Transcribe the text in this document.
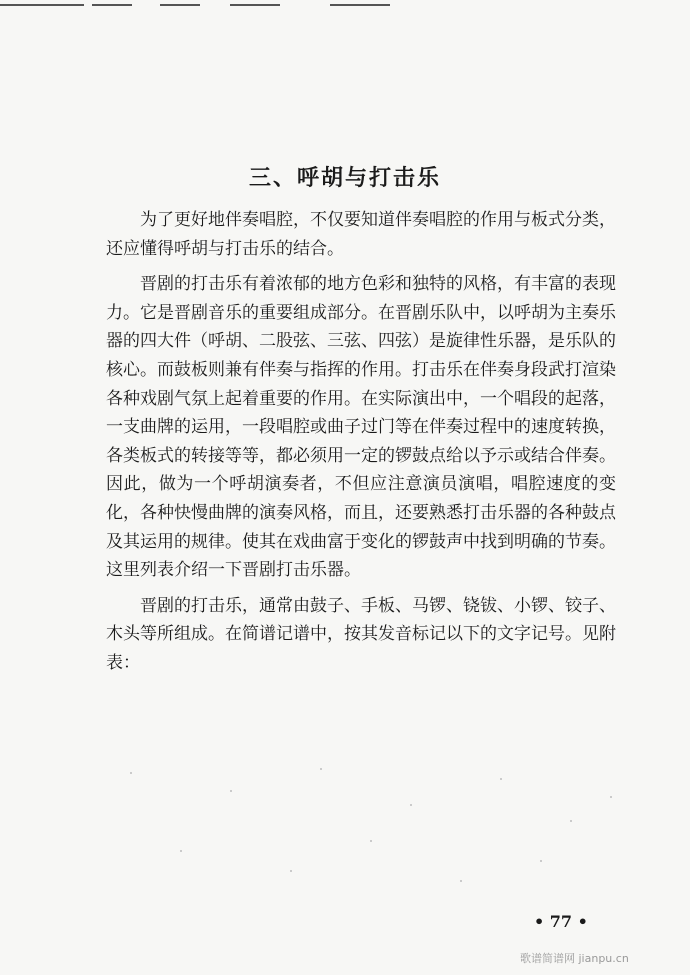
三、呼胡与打击乐

为了更好地伴奏唱腔，不仅要知道伴奏唱腔的作用与板式分类，还应懂得呼胡与打击乐的结合。

晋剧的打击乐有着浓郁的地方色彩和独特的风格，有丰富的表现力。它是晋剧音乐的重要组成部分。在晋剧乐队中，以呼胡为主奏乐器的四大件（呼胡、二股弦、三弦、四弦）是旋律性乐器，是乐队的核心。而鼓板则兼有伴奏与指挥的作用。打击乐在伴奏身段武打渲染各种戏剧气氛上起着重要的作用。在实际演出中，一个唱段的起落，一支曲牌的运用，一段唱腔或曲子过门等在伴奏过程中的速度转换，各类板式的转接等等，都必须用一定的锣鼓点给以予示或结合伴奏。因此，做为一个呼胡演奏者，不但应注意演员演唱，唱腔速度的变化，各种快慢曲牌的演奏风格，而且，还要熟悉打击乐器的各种鼓点及其运用的规律。使其在戏曲富于变化的锣鼓声中找到明确的节奏。这里列表介绍一下晋剧打击乐器。

晋剧的打击乐，通常由鼓子、手板、马锣、铙钹、小锣、铰子、木头等所组成。在简谱记谱中，按其发音标记以下的文字记号。见附表：

• 77 •
歌谱简谱网 jianpu.cn
